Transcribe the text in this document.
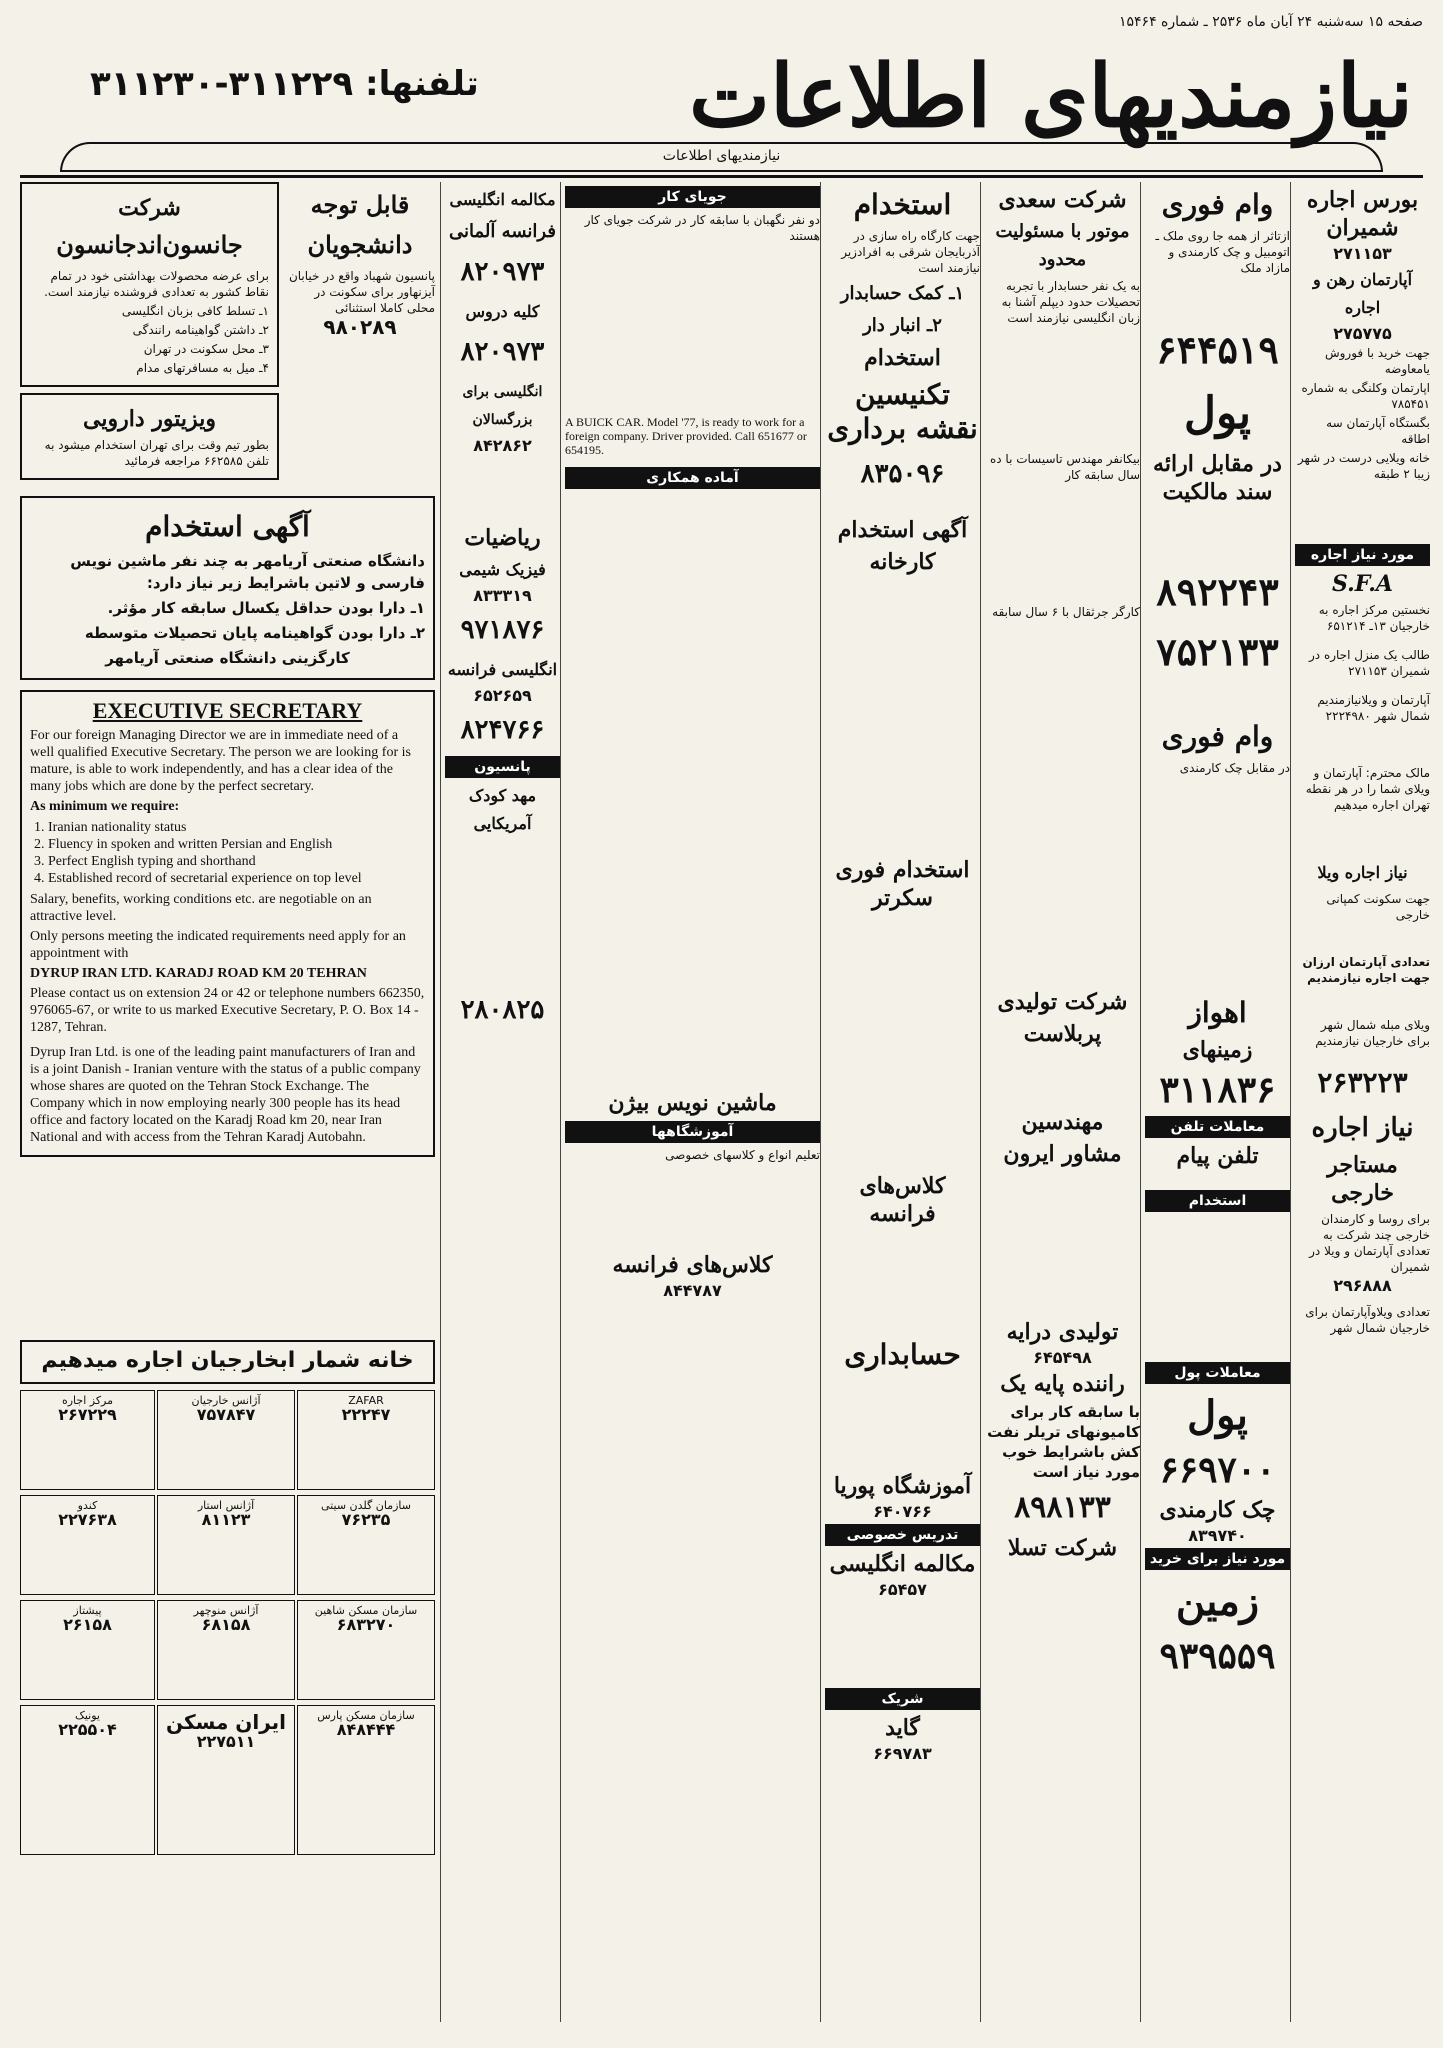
صفحه ۱۵ سه‌شنبه ۲۴ آبان ماه ۲۵۳۶ ـ شماره ۱۵۴۶۴
نیازمندیهای اطلاعات
تلفنها: ۳۱۱۲۲۹-۳۱۱۲۳۰
نیازمندیهای اطلاعات
بورس اجاره شمیران
۲۷۱۱۵۳
آپارتمان رهن و اجاره
۲۷۵۷۷۵
جهت خرید با فوروش یامعاوضه
اپارتمان وکلنگی به شماره ۷۸۵۴۵۱
بگستگاه آپارتمان سه اطاقه
خانه ویلایی درست در شهر زیبا ۲ طبقه
مورد نیاز اجاره
S.F.A
نخستین مرکز اجاره به خارجیان ۱۳ـ ۶۵۱۲۱۴
طالب یک منزل اجاره در شمیران ۲۷۱۱۵۳
آپارتمان و ویلانیازمندیم شمال شهر ۲۲۲۴۹۸۰
مالک محترم: آپارتمان و ویلای شما را در هر نقطه تهران اجاره میدهیم
نیاز اجاره ویلا
جهت سکونت کمپانی خارجی
تعدادی آپارتمان ارزان جهت اجاره نیازمندیم
ویلای مبله شمال شهر برای خارجیان نیازمندیم
۲۶۳۲۲۳
نیاز اجاره
مستاجر خارجی
برای روسا و کارمندان خارجی چند شرکت به تعدادی آپارتمان و ویلا در شمیران
۲۹۶۸۸۸
تعدادی ویلاوآپارتمان برای خارجیان شمال شهر
وام فوری
ازتاثر از همه جا روی ملک ـ اتومبیل و چک کارمندی و مازاد ملک
۶۴۴۵۱۹
پول
در مقابل ارائه سند مالکیت
۸۹۲۲۴۳
۷۵۲۱۳۳
وام فوری
در مقابل چک کارمندی
اهواز
زمینهای
۳۱۱۸۳۶
معاملات تلفن
تلفن پیام
استخدام
معاملات پول
پول
۶۶۹۷۰۰
چک کارمندی
۸۳۹۷۴۰
مورد نیاز برای خرید
زمین
۹۳۹۵۵۹
شرکت سعدی
موتور با مسئولیت محدود
به یک نفر حسابدار با تجربه تحصیلات حدود دیپلم آشنا به زبان انگلیسی نیازمند است
بیکانفر مهندس تاسیسات با ده سال سابقه کار
کارگر جرثقال با ۶ سال سابقه
شرکت تولیدی
پربلاست
مهندسین
مشاور ایرون
تولیدی درایه
۶۴۵۴۹۸
راننده پایه یک
با سابقه کار برای کامیونهای تریلر نفت کش باشرایط خوب مورد نیاز است
۸۹۸۱۳۳
شرکت تسلا
استخدام
جهت کارگاه راه سازی در آذربایجان شرقی به افرادزیر نیازمند است
۱ـ کمک حسابدار
۲ـ انبار دار
استخدام
تکنیسین نقشه برداری
۸۳۵۰۹۶
آگهی استخدام
کارخانه
استخدام فوری سکرتر
کلاس‌های فرانسه
حسابداری
آموزشگاه پوریا
۶۴۰۷۶۶
تدریس خصوصی
مکالمه انگلیسی
۶۵۴۵۷
شریک
گاید
۶۶۹۷۸۳
جویای کار
دو نفر نگهبان با سابقه کار در شرکت جویای کار هستند
A BUICK CAR. Model '77, is ready to work for a foreign company. Driver provided. Call 651677 or 654195.
آماده همکاری
ماشین نویس بیژن
آموزشگاهها
تعلیم انواع و کلاسهای خصوصی
کلاس‌های فرانسه
۸۴۴۷۸۷
مکالمه انگلیسی
فرانسه آلمانی
۸۲۰۹۷۳
کلیه دروس
۸۲۰۹۷۳
انگلیسی برای بزرگسالان
۸۴۲۸۶۲
ریاضیات
فیزیک شیمی
۸۳۳۳۱۹
۹۷۱۸۷۶
انگلیسی فرانسه
۶۵۲۶۵۹
۸۲۴۷۶۶
پانسیون
مهد کودک آمریکایی
۲۸۰۸۲۵
قابل توجه
دانشجویان
پانسیون شهباد واقع در خیابان آیزنهاور برای سکونت در محلی کاملا استثنائی
۹۸۰۲۸۹
شرکت
جانسون‌اند‌جانسون
برای عرضه محصولات بهداشتی خود در تمام نقاط کشور به تعدادی فروشنده نیازمند است.
۱ـ تسلط کافی بزبان انگلیسی
۲ـ داشتن گواهینامه رانندگی
۳ـ محل سکونت در تهران
۴ـ میل به مسافرتهای مدام
ویزیتور دارویی
بطور تیم وقت برای تهران استخدام میشود به تلفن ۶۶۲۵۸۵ مراجعه فرمائید
آگهی استخدام
دانشگاه صنعتی آریامهر به چند نفر ماشین نویس فارسی و لاتین باشرایط زیر نیاز دارد:
۱ـ دارا بودن حداقل یکسال سابقه کار مؤثر.
۲ـ دارا بودن گواهینامه پایان تحصیلات متوسطه
کارگزینی دانشگاه صنعتی آریامهر
EXECUTIVE SECRETARY
For our foreign Managing Director we are in immediate need of a well qualified Executive Secretary. The person we are looking for is mature, is able to work independently, and has a clear idea of the many jobs which are done by the perfect secretary.
As minimum we require:
1. Iranian nationality status
2. Fluency in spoken and written Persian and English
3. Perfect English typing and shorthand
4. Established record of secretarial experience on top level
Salary, benefits, working conditions etc. are negotiable on an attractive level.
Only persons meeting the indicated requirements need apply for an appointment with
DYRUP IRAN LTD. KARADJ ROAD KM 20 TEHRAN
Please contact us on extension 24 or 42 or telephone numbers 662350, 976065-67, or write to us marked Executive Secretary, P. O. Box 14 - 1287, Tehran.
Dyrup Iran Ltd. is one of the leading paint manufacturers of Iran and is a joint Danish - Iranian venture with the status of a public company whose shares are quoted on the Tehran Stock Exchange. The Company which in now employing nearly 300 people has its head office and factory located on the Karadj Road km 20, near Iran National and with access from the Tehran Karadj Autobahn.
خانه شمار ابخارجیان اجاره میدهیم
ZAFAR
۲۲۲۴۷
آژانس خارجیان
۷۵۷۸۴۷
مرکز اجاره
۲۶۷۲۲۹
سازمان گلدن سیتی
۷۶۲۳۵
آژانس استار
۸۱۱۲۳
کندو
۲۲۷۶۳۸
سازمان مسکن شاهین
۶۸۳۲۷۰
آژانس منوچهر
۶۸۱۵۸
پیشتاز
۲۶۱۵۸
سازمان مسکن پارس
۸۴۸۴۴۴
ایران مسکن
۲۲۷۵۱۱
یونیک
۲۲۵۵۰۴
